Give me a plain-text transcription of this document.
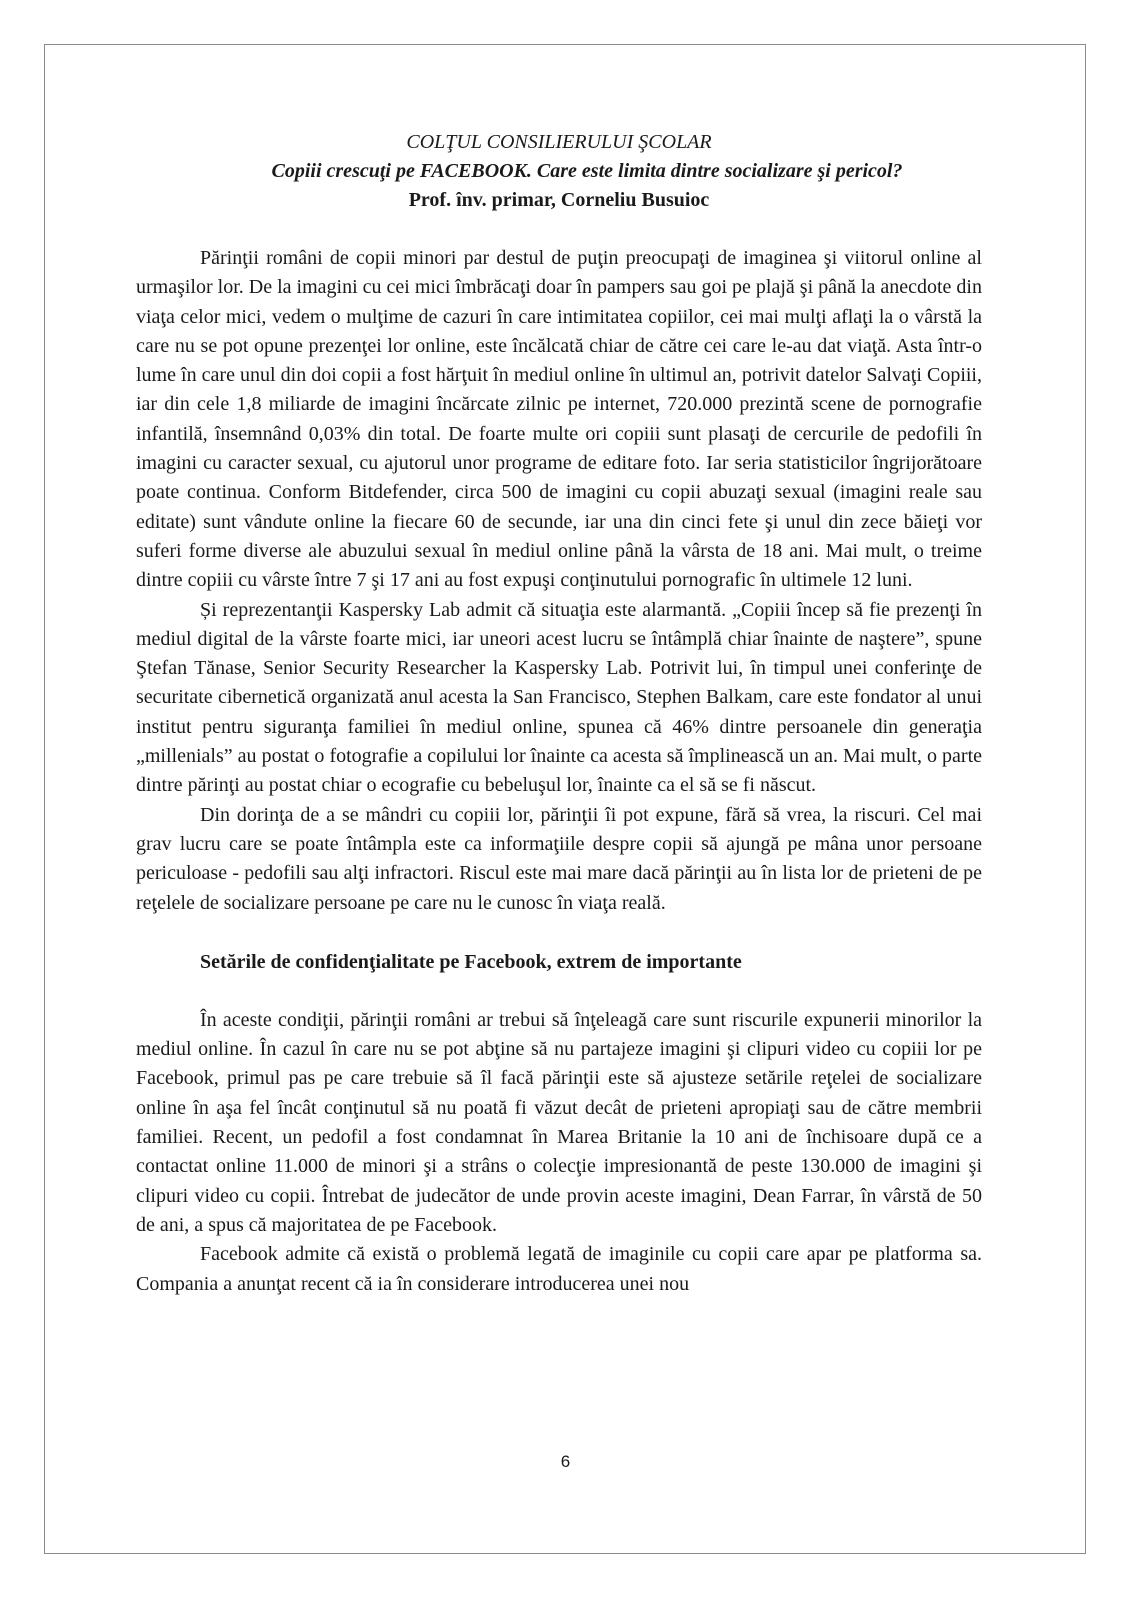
COLŢUL CONSILIERULUI ŞCOLAR

Copiii crescuţi pe FACEBOOK. Care este limita dintre socializare şi pericol?

Prof. înv. primar, Corneliu Busuioc

Părinţii români de copii minori par destul de puţin preocupaţi de imaginea şi viitorul online al urmaşilor lor. De la imagini cu cei mici îmbrăcaţi doar în pampers sau goi pe plajă şi până la anecdote din viaţa celor mici, vedem o mulţime de cazuri în care intimitatea copiilor, cei mai mulţi aflaţi la o vârstă la care nu se pot opune prezenţei lor online, este încălcată chiar de către cei care le-au dat viaţă. Asta într-o lume în care unul din doi copii a fost hărţuit în mediul online în ultimul an, potrivit datelor Salvaţi Copiii, iar din cele 1,8 miliarde de imagini încărcate zilnic pe internet, 720.000 prezintă scene de pornografie infantilă, însemnând 0,03% din total. De foarte multe ori copiii sunt plasaţi de cercurile de pedofili în imagini cu caracter sexual, cu ajutorul unor programe de editare foto. Iar seria statisticilor îngrijorătoare poate continua. Conform Bitdefender, circa 500 de imagini cu copii abuzaţi sexual (imagini reale sau editate) sunt vândute online la fiecare 60 de secunde, iar una din cinci fete şi unul din zece băieţi vor suferi forme diverse ale abuzului sexual în mediul online până la vârsta de 18 ani. Mai mult, o treime dintre copiii cu vârste între 7 şi 17 ani au fost expuşi conţinutului pornografic în ultimele 12 luni.

Și reprezentanţii Kaspersky Lab admit că situaţia este alarmantă. „Copiii încep să fie prezenţi în mediul digital de la vârste foarte mici, iar uneori acest lucru se întâmplă chiar înainte de naştere”, spune Ştefan Tănase, Senior Security Researcher la Kaspersky Lab. Potrivit lui, în timpul unei conferinţe de securitate cibernetică organizată anul acesta la San Francisco, Stephen Balkam, care este fondator al unui institut pentru siguranţa familiei în mediul online, spunea că 46% dintre persoanele din generaţia „millenials” au postat o fotografie a copilului lor înainte ca acesta să împlinească un an. Mai mult, o parte dintre părinţi au postat chiar o ecografie cu bebeluşul lor, înainte ca el să se fi născut.

Din dorinţa de a se mândri cu copiii lor, părinţii îi pot expune, fără să vrea, la riscuri. Cel mai grav lucru care se poate întâmpla este ca informaţiile despre copii să ajungă pe mâna unor persoane periculoase - pedofili sau alţi infractori. Riscul este mai mare dacă părinţii au în lista lor de prieteni de pe reţelele de socializare persoane pe care nu le cunosc în viaţa reală.

Setările de confidenţialitate pe Facebook, extrem de importante

În aceste condiţii, părinţii români ar trebui să înţeleagă care sunt riscurile expunerii minorilor la mediul online. În cazul în care nu se pot abţine să nu partajeze imagini şi clipuri video cu copiii lor pe Facebook, primul pas pe care trebuie să îl facă părinţii este să ajusteze setările reţelei de socializare online în aşa fel încât conţinutul să nu poată fi văzut decât de prieteni apropiaţi sau de către membrii familiei. Recent, un pedofil a fost condamnat în Marea Britanie la 10 ani de închisoare după ce a contactat online 11.000 de minori şi a strâns o colecţie impresionantă de peste 130.000 de imagini şi clipuri video cu copii. Întrebat de judecător de unde provin aceste imagini, Dean Farrar, în vârstă de 50 de ani, a spus că majoritatea de pe Facebook.

Facebook admite că există o problemă legată de imaginile cu copii care apar pe platforma sa. Compania a anunţat recent că ia în considerare introducerea unei nou

6
